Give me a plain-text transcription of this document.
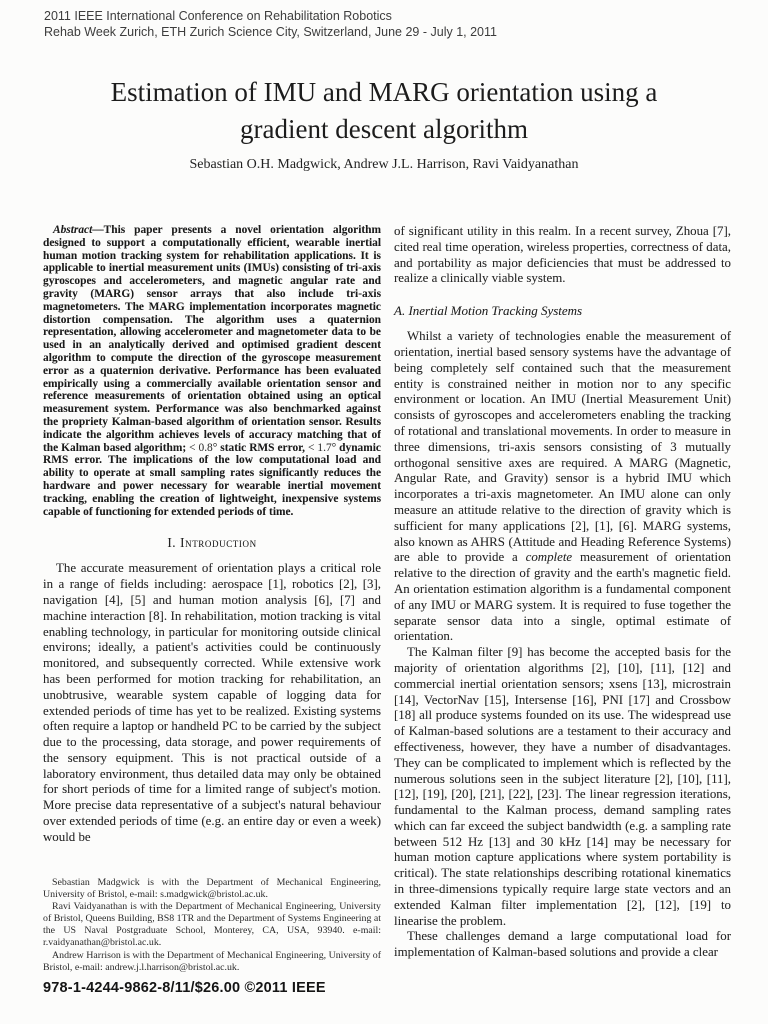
2011 IEEE International Conference on Rehabilitation Robotics
Rehab Week Zurich, ETH Zurich Science City, Switzerland, June 29 - July 1, 2011
Estimation of IMU and MARG orientation using a
gradient descent algorithm
Sebastian O.H. Madgwick, Andrew J.L. Harrison, Ravi Vaidyanathan

Abstract—This paper presents a novel orientation algorithm designed to support a computationally efficient, wearable inertial human motion tracking system for rehabilitation applications. It is applicable to inertial measurement units (IMUs) consisting of tri-axis gyroscopes and accelerometers, and magnetic angular rate and gravity (MARG) sensor arrays that also include tri-axis magnetometers. The MARG implementation incorporates magnetic distortion compensation. The algorithm uses a quaternion representation, allowing accelerometer and magnetometer data to be used in an analytically derived and optimised gradient descent algorithm to compute the direction of the gyroscope measurement error as a quaternion derivative. Performance has been evaluated empirically using a commercially available orientation sensor and reference measurements of orientation obtained using an optical measurement system. Performance was also benchmarked against the propriety Kalman-based algorithm of orientation sensor. Results indicate the algorithm achieves levels of accuracy matching that of the Kalman based algorithm; < 0.8° static RMS error, < 1.7° dynamic RMS error. The implications of the low computational load and ability to operate at small sampling rates significantly reduces the hardware and power necessary for wearable inertial movement tracking, enabling the creation of lightweight, inexpensive systems capable of functioning for extended periods of time.

I. Introduction

The accurate measurement of orientation plays a critical role in a range of fields including: aerospace [1], robotics [2], [3], navigation [4], [5] and human motion analysis [6], [7] and machine interaction [8]. In rehabilitation, motion tracking is vital enabling technology, in particular for monitoring outside clinical environs; ideally, a patient's activities could be continuously monitored, and subsequently corrected. While extensive work has been performed for motion tracking for rehabilitation, an unobtrusive, wearable system capable of logging data for extended periods of time has yet to be realized. Existing systems often require a laptop or handheld PC to be carried by the subject due to the processing, data storage, and power requirements of the sensory equipment. This is not practical outside of a laboratory environment, thus detailed data may only be obtained for short periods of time for a limited range of subject's motion. More precise data representative of a subject's natural behaviour over extended periods of time (e.g. an entire day or even a week) would be

of significant utility in this realm. In a recent survey, Zhoua [7], cited real time operation, wireless properties, correctness of data, and portability as major deficiencies that must be addressed to realize a clinically viable system.

A. Inertial Motion Tracking Systems

Whilst a variety of technologies enable the measurement of orientation, inertial based sensory systems have the advantage of being completely self contained such that the measurement entity is constrained neither in motion nor to any specific environment or location. An IMU (Inertial Measurement Unit) consists of gyroscopes and accelerometers enabling the tracking of rotational and translational movements. In order to measure in three dimensions, tri-axis sensors consisting of 3 mutually orthogonal sensitive axes are required. A MARG (Magnetic, Angular Rate, and Gravity) sensor is a hybrid IMU which incorporates a tri-axis magnetometer. An IMU alone can only measure an attitude relative to the direction of gravity which is sufficient for many applications [2], [1], [6]. MARG systems, also known as AHRS (Attitude and Heading Reference Systems) are able to provide a complete measurement of orientation relative to the direction of gravity and the earth's magnetic field. An orientation estimation algorithm is a fundamental component of any IMU or MARG system. It is required to fuse together the separate sensor data into a single, optimal estimate of orientation.

The Kalman filter [9] has become the accepted basis for the majority of orientation algorithms [2], [10], [11], [12] and commercial inertial orientation sensors; xsens [13], microstrain [14], VectorNav [15], Intersense [16], PNI [17] and Crossbow [18] all produce systems founded on its use. The widespread use of Kalman-based solutions are a testament to their accuracy and effectiveness, however, they have a number of disadvantages. They can be complicated to implement which is reflected by the numerous solutions seen in the subject literature [2], [10], [11], [12], [19], [20], [21], [22], [23]. The linear regression iterations, fundamental to the Kalman process, demand sampling rates which can far exceed the subject bandwidth (e.g. a sampling rate between 512 Hz [13] and 30 kHz [14] may be necessary for human motion capture applications where system portability is critical). The state relationships describing rotational kinematics in three-dimensions typically require large state vectors and an extended Kalman filter implementation [2], [12], [19] to linearise the problem.

These challenges demand a large computational load for implementation of Kalman-based solutions and provide a clear

Sebastian Madgwick is with the Department of Mechanical Engineering, University of Bristol, e-mail: s.madgwick@bristol.ac.uk.

Ravi Vaidyanathan is with the Department of Mechanical Engineering, University of Bristol, Queens Building, BS8 1TR and the Department of Systems Engineering at the US Naval Postgraduate School, Monterey, CA, USA, 93940. e-mail: r.vaidyanathan@bristol.ac.uk.

Andrew Harrison is with the Department of Mechanical Engineering, University of Bristol, e-mail: andrew.j.l.harrison@bristol.ac.uk.

978-1-4244-9862-8/11/$26.00 ©2011 IEEE
